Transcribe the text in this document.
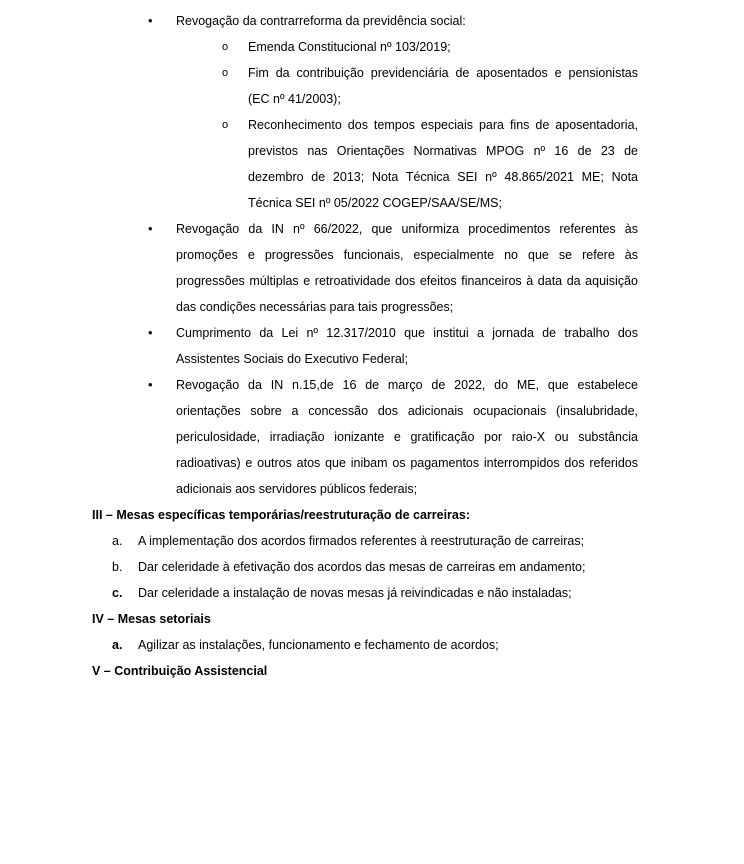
•	Revogação da contrarreforma da previdência social:
o	Emenda Constitucional nº 103/2019;
o	Fim da contribuição previdenciária de aposentados e pensionistas (EC nº 41/2003);
o	Reconhecimento dos tempos especiais para fins de aposentadoria, previstos nas Orientações Normativas MPOG nº 16 de 23 de dezembro de 2013; Nota Técnica SEI nº 48.865/2021 ME; Nota Técnica SEI nº 05/2022 COGEP/SAA/SE/MS;
•	Revogação da IN nº 66/2022, que uniformiza procedimentos referentes às promoções e progressões funcionais, especialmente no que se refere às progressões múltiplas e retroatividade dos efeitos financeiros à data da aquisição das condições necessárias para tais progressões;
•	Cumprimento da Lei nº 12.317/2010 que institui a jornada de trabalho dos Assistentes Sociais do Executivo Federal;
•	Revogação da IN n.15,de 16 de março de 2022, do ME, que estabelece orientações sobre a concessão dos adicionais ocupacionais (insalubridade, periculosidade, irradiação ionizante e gratificação por raio-X ou substância radioativas) e outros atos que inibam os pagamentos interrompidos dos referidos adicionais aos servidores públicos federais;
III – Mesas específicas temporárias/reestruturação de carreiras:
a.	A implementação dos acordos firmados referentes à reestruturação de carreiras;
b.	Dar celeridade à efetivação dos acordos das mesas de carreiras em andamento;
c.	Dar celeridade a instalação de novas mesas já reivindicadas e não instaladas;
IV – Mesas setoriais
a.	Agilizar as instalações, funcionamento e fechamento de acordos;
V – Contribuição Assistencial
